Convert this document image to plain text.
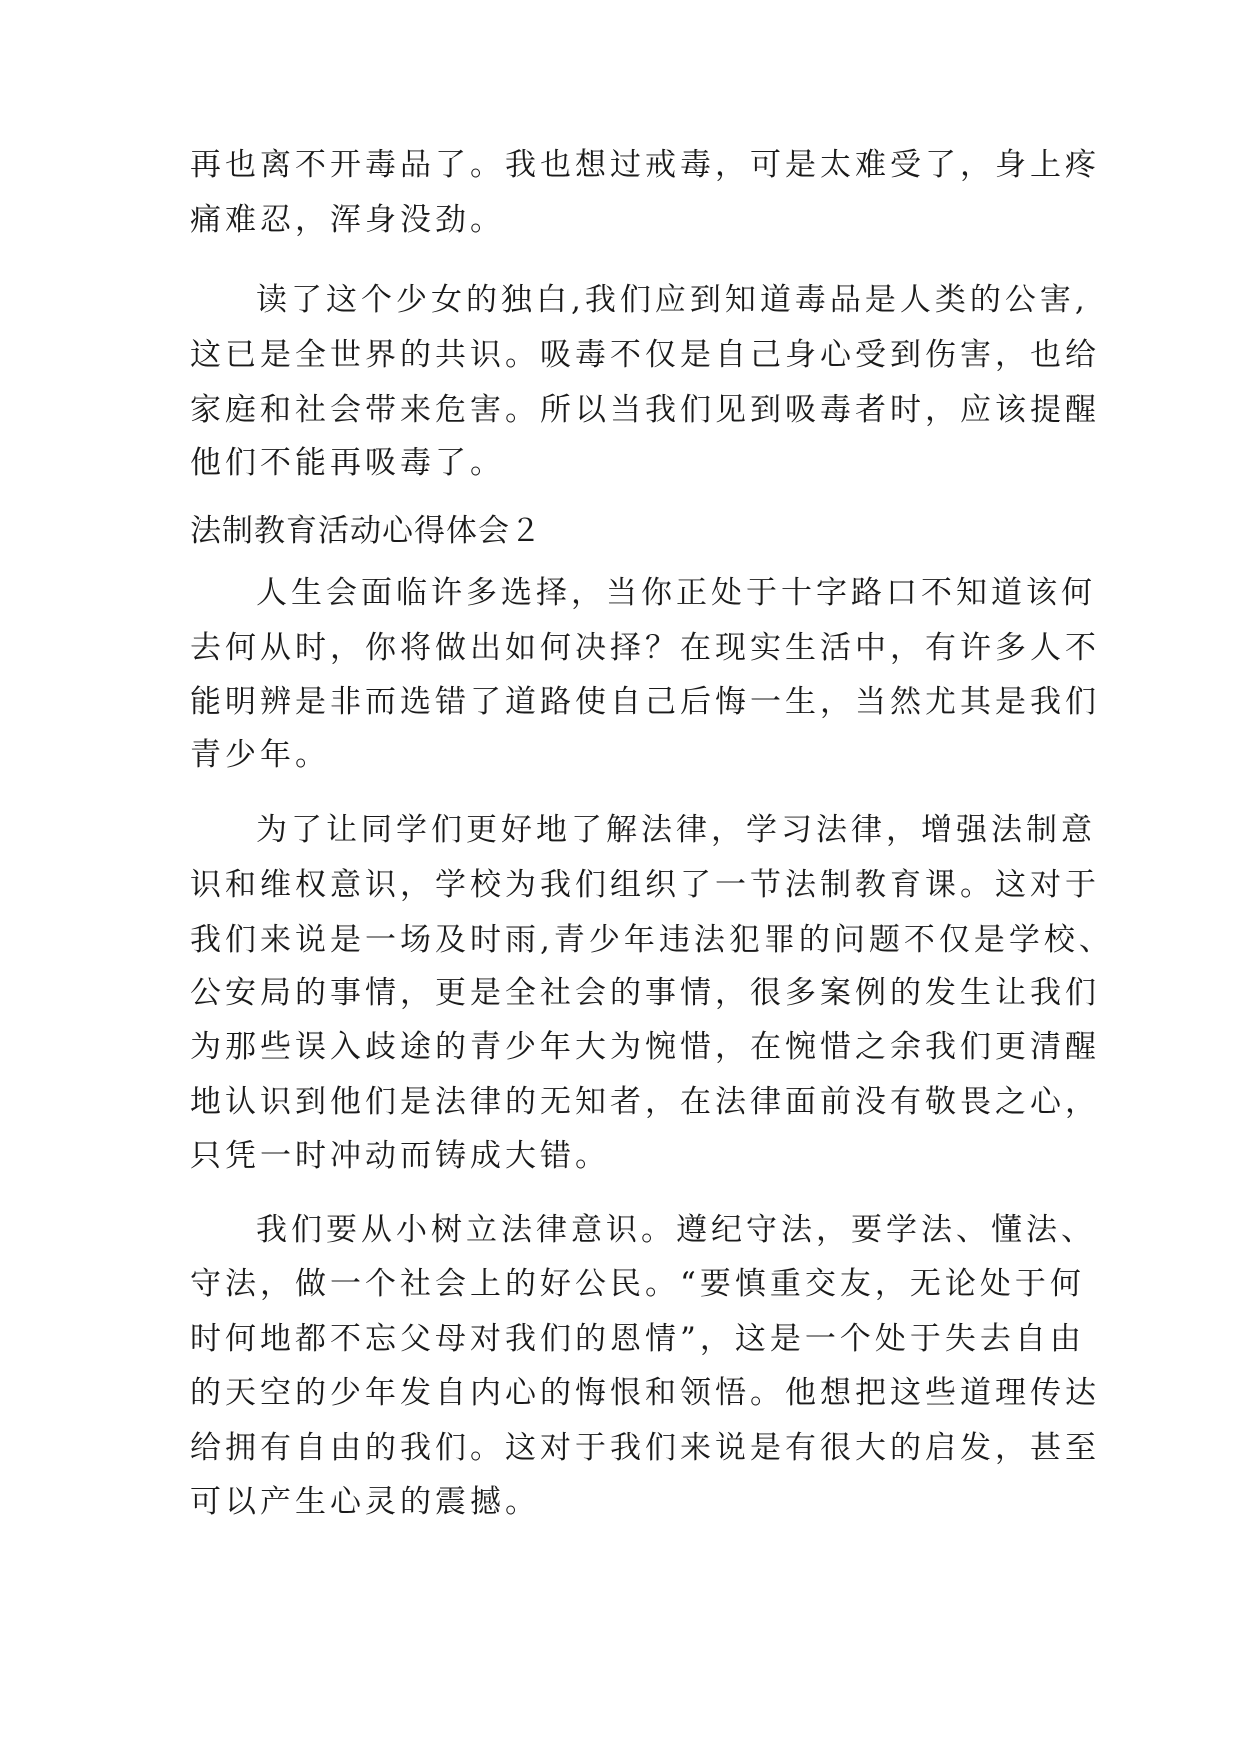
再也离不开毒品了。我也想过戒毒，可是太难受了，身上疼
痛难忍，浑身没劲。
读了这个少女的独白,我们应到知道毒品是人类的公害,
这已是全世界的共识。吸毒不仅是自己身心受到伤害，也给
家庭和社会带来危害。所以当我们见到吸毒者时，应该提醒
他们不能再吸毒了。
法制教育活动心得体会２
人生会面临许多选择，当你正处于十字路口不知道该何
去何从时，你将做出如何决择？在现实生活中，有许多人不
能明辨是非而选错了道路使自己后悔一生，当然尤其是我们
青少年。
为了让同学们更好地了解法律，学习法律，增强法制意
识和维权意识，学校为我们组织了一节法制教育课。这对于
我们来说是一场及时雨,青少年违法犯罪的问题不仅是学校、
公安局的事情，更是全社会的事情，很多案例的发生让我们
为那些误入歧途的青少年大为惋惜，在惋惜之余我们更清醒
地认识到他们是法律的无知者，在法律面前没有敬畏之心，
只凭一时冲动而铸成大错。
我们要从小树立法律意识。遵纪守法，要学法、懂法、
守法，做一个社会上的好公民。“要慎重交友，无论处于何
时何地都不忘父母对我们的恩情”，这是一个处于失去自由
的天空的少年发自内心的悔恨和领悟。他想把这些道理传达
给拥有自由的我们。这对于我们来说是有很大的启发，甚至
可以产生心灵的震撼。
